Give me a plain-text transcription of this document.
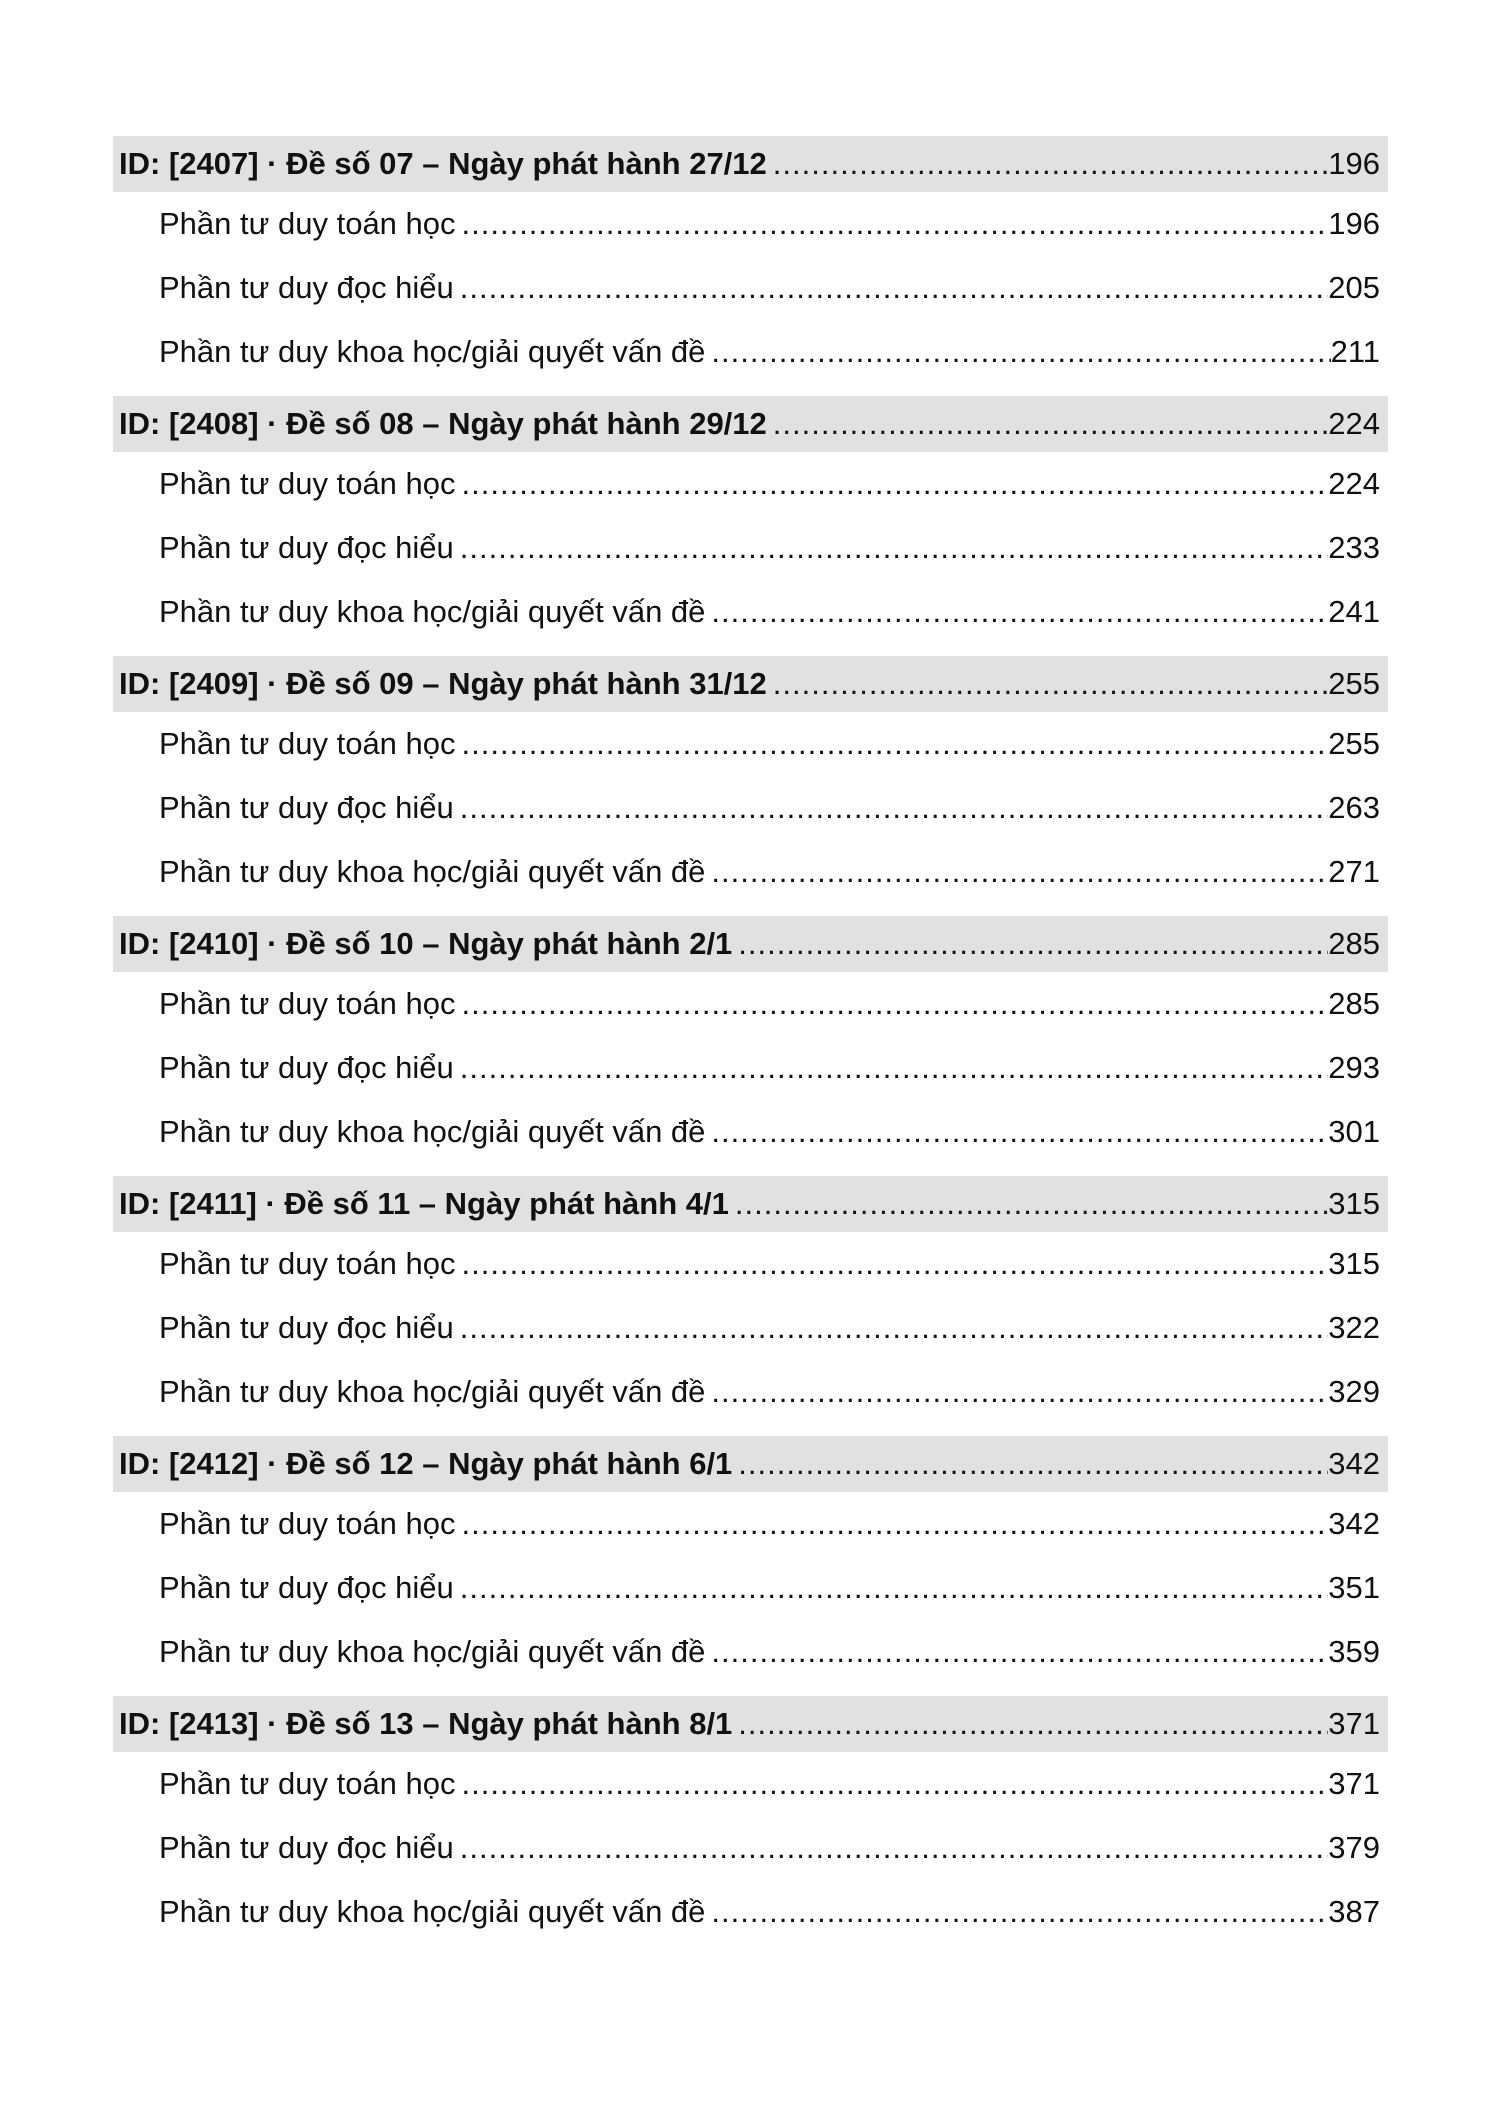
ID: [2407] · Đề số 07 – Ngày phát hành 27/12 .....	196
Phần tư duy toán học .....	196
Phần tư duy đọc hiểu .....	205
Phần tư duy khoa học/giải quyết vấn đề .....	211
ID: [2408] · Đề số 08 – Ngày phát hành 29/12 .....	224
Phần tư duy toán học .....	224
Phần tư duy đọc hiểu .....	233
Phần tư duy khoa học/giải quyết vấn đề .....	241
ID: [2409] · Đề số 09 – Ngày phát hành 31/12 .....	255
Phần tư duy toán học .....	255
Phần tư duy đọc hiểu .....	263
Phần tư duy khoa học/giải quyết vấn đề .....	271
ID: [2410] · Đề số 10 – Ngày phát hành 2/1 .....	285
Phần tư duy toán học .....	285
Phần tư duy đọc hiểu .....	293
Phần tư duy khoa học/giải quyết vấn đề .....	301
ID: [2411] · Đề số 11 – Ngày phát hành 4/1 .....	315
Phần tư duy toán học .....	315
Phần tư duy đọc hiểu .....	322
Phần tư duy khoa học/giải quyết vấn đề .....	329
ID: [2412] · Đề số 12 – Ngày phát hành 6/1 .....	342
Phần tư duy toán học .....	342
Phần tư duy đọc hiểu .....	351
Phần tư duy khoa học/giải quyết vấn đề .....	359
ID: [2413] · Đề số 13 – Ngày phát hành 8/1 .....	371
Phần tư duy toán học .....	371
Phần tư duy đọc hiểu .....	379
Phần tư duy khoa học/giải quyết vấn đề .....	387
